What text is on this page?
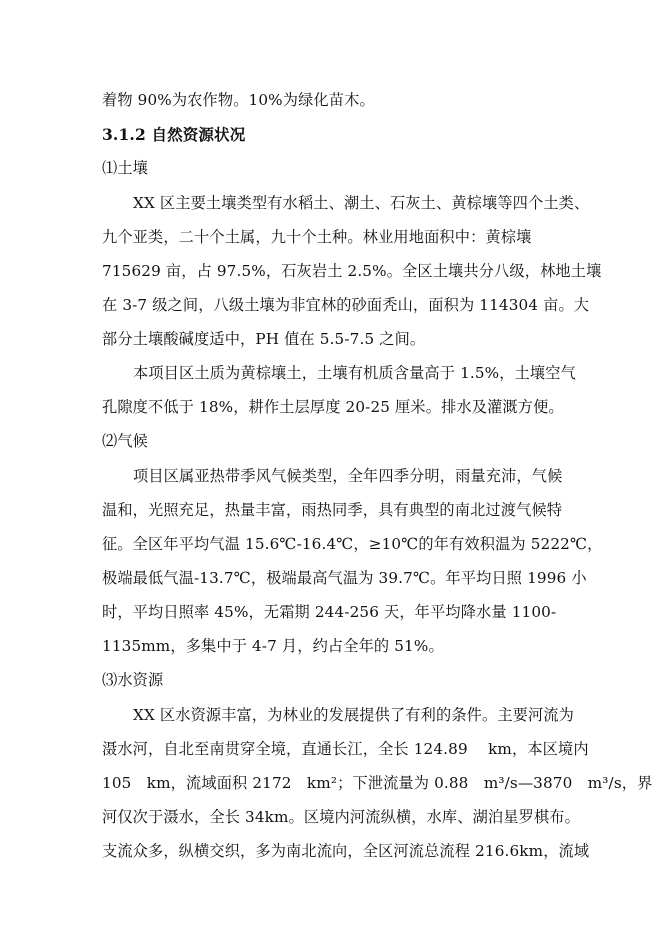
着物 90%为农作物。10%为绿化苗木。
3.1.2 自然资源状况
⑴土壤
XX 区主要土壤类型有水稻土、潮土、石灰土、黄棕壤等四个土类、
九个亚类，二十个土属，九十个土种。林业用地面积中：黄棕壤
715629 亩，占 97.5%，石灰岩土 2.5%。全区土壤共分八级，林地土壤
在 3-7 级之间，八级土壤为非宜林的砂面秃山，面积为 114304 亩。大
部分土壤酸碱度适中，PH 值在 5.5-7.5 之间。
本项目区土质为黄棕壤土，土壤有机质含量高于 1.5%，土壤空气
孔隙度不低于 18%，耕作土层厚度 20-25 厘米。排水及灌溉方便。
⑵气候
项目区属亚热带季风气候类型，全年四季分明，雨量充沛，气候
温和，光照充足，热量丰富，雨热同季，具有典型的南北过渡气候特
征。全区年平均气温 15.6℃-16.4℃，≥10℃的年有效积温为 5222℃，
极端最低气温-13.7℃，极端最高气温为 39.7℃。年平均日照 1996 小
时，平均日照率 45%，无霜期 244-256 天，年平均降水量 1100-
1135mm，多集中于 4-7 月，约占全年的 51%。
⑶水资源
XX 区水资源丰富，为林业的发展提供了有利的条件。主要河流为
滠水河，自北至南贯穿全境，直通长江，全长 124.89　 km，本区境内
105　km，流域面积 2172　km²；下泄流量为 0.88　m³/s—3870　m³/s，界
河仅次于滠水，全长 34km。区境内河流纵横，水库、湖泊星罗棋布。
支流众多，纵横交织，多为南北流向，全区河流总流程 216.6km，流域
